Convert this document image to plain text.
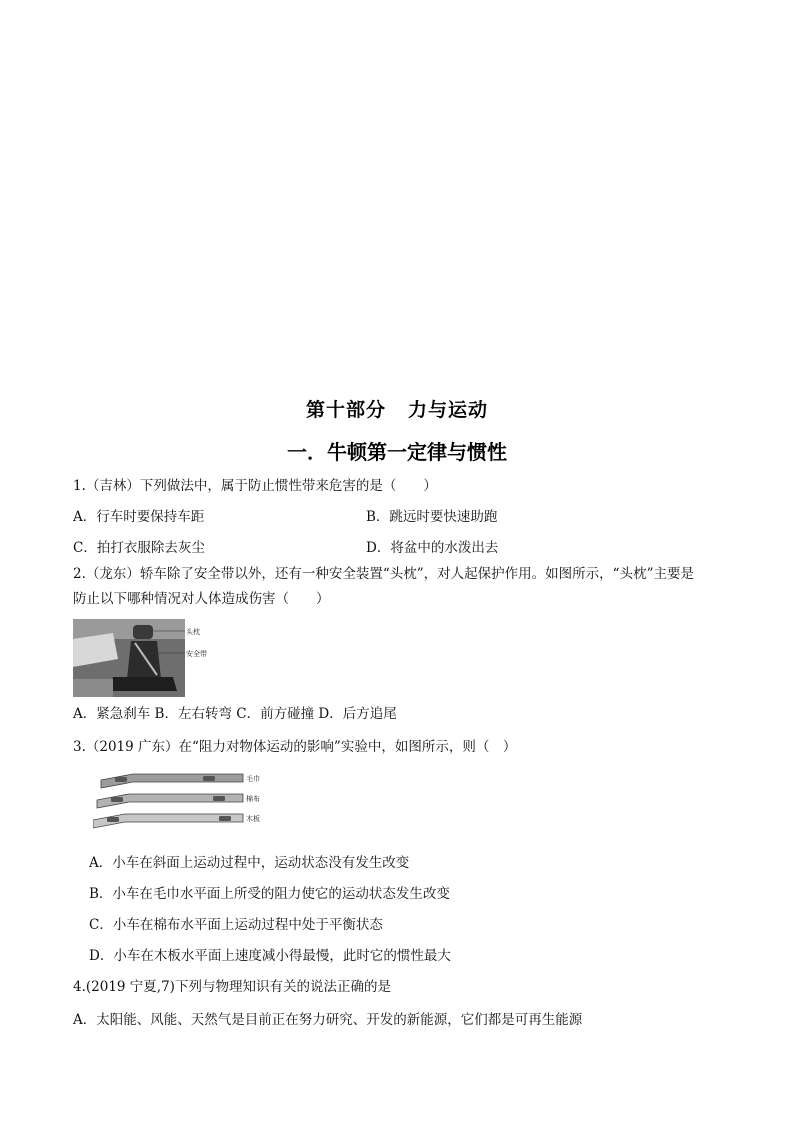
第十部分 力与运动
一．牛顿第一定律与惯性
1.（吉林）下列做法中，属于防止惯性带来危害的是（　　）
A．行车时要保持车距	B．跳远时要快速助跑
C．拍打衣服除去灰尘	D．将盆中的水泼出去
2.（龙东）轿车除了安全带以外，还有一种安全装置“头枕”，对人起保护作用。如图所示，“头枕”主要是
防止以下哪种情况对人体造成伤害（　　）
头枕
安全带
A．紧急刹车 B．左右转弯 C．前方碰撞 D．后方追尾
3.（2019 广东）在“阻力对物体运动的影响”实验中，如图所示，则（　）
毛巾
棉布
木板
A．小车在斜面上运动过程中，运动状态没有发生改变
B．小车在毛巾水平面上所受的阻力使它的运动状态发生改变
C．小车在棉布水平面上运动过程中处于平衡状态
D．小车在木板水平面上速度减小得最慢，此时它的惯性最大
4.(2019 宁夏,7)下列与物理知识有关的说法正确的是
A．太阳能、风能、天然气是目前正在努力研究、开发的新能源，它们都是可再生能源
